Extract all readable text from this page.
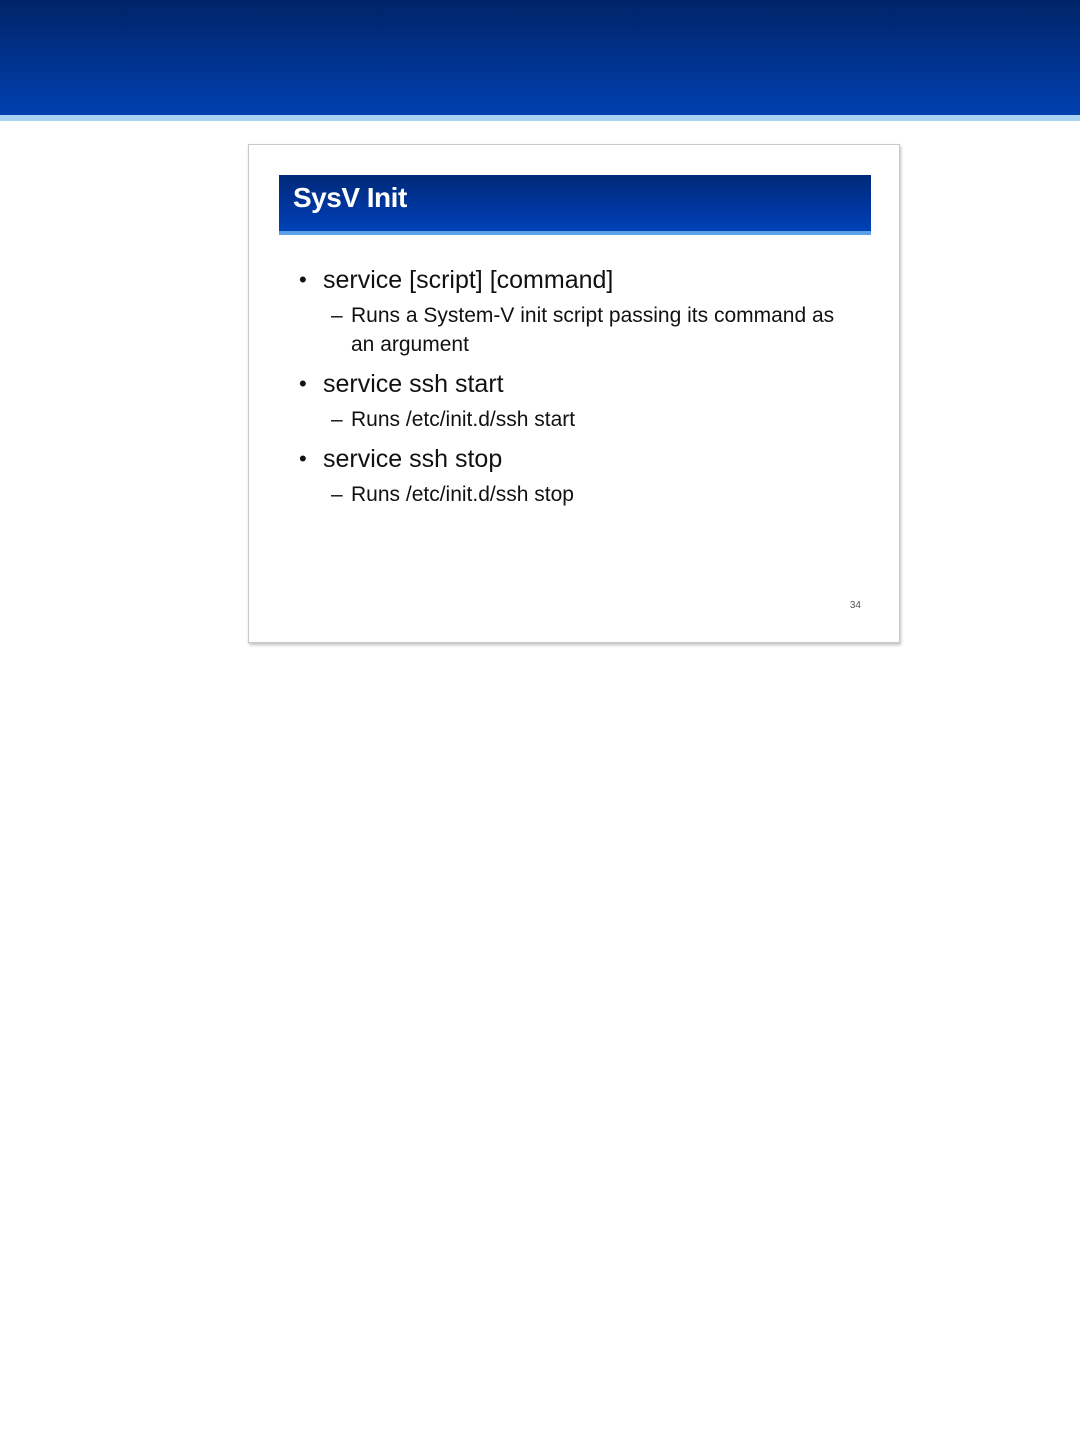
SysV Init
• service [script] [command]
– Runs a System-V init script passing its command as an argument
• service ssh start
– Runs /etc/init.d/ssh start
• service ssh stop
– Runs /etc/init.d/ssh stop
34
